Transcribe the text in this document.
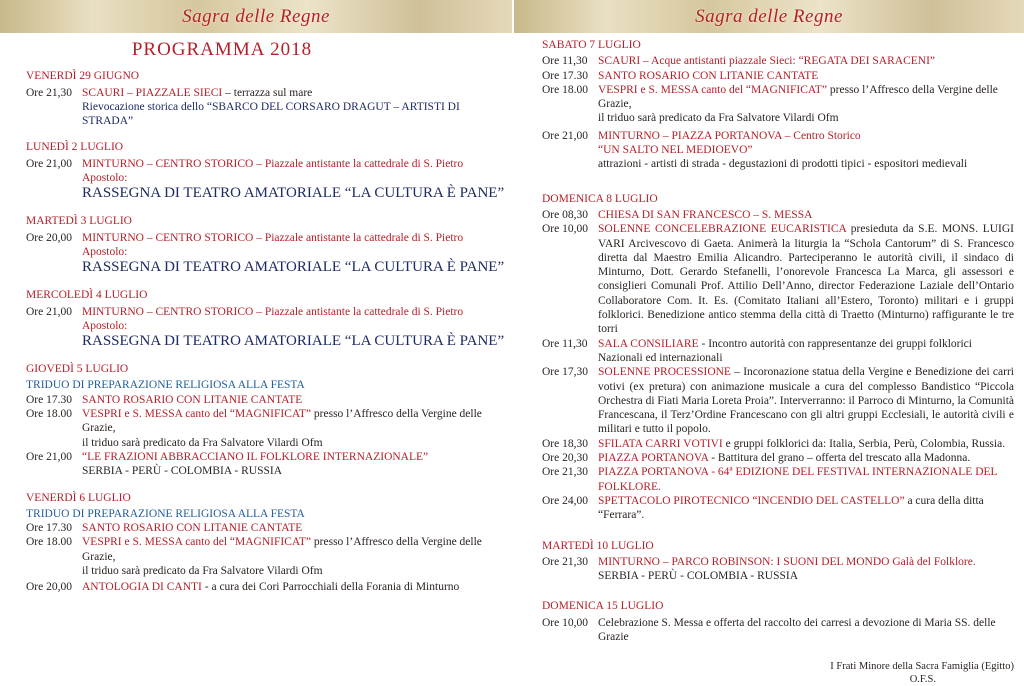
Sagra delle Regne	Sagra delle Regne
PROGRAMMA 2018
VENERDÌ 29 GIUGNO
Ore 21,30 SCAURI – PIAZZALE SIECI – terrazza sul mare
Rievocazione storica dello “SBARCO DEL CORSARO DRAGUT – ARTISTI DI STRADA”
LUNEDÌ 2 LUGLIO
Ore 21,00 MINTURNO – CENTRO STORICO – Piazzale antistante la cattedrale di S. Pietro Apostolo:
RASSEGNA DI TEATRO AMATORIALE “LA CULTURA È PANE”
MARTEDÌ 3 LUGLIO
Ore 20,00 MINTURNO – CENTRO STORICO – Piazzale antistante la cattedrale di S. Pietro Apostolo:
RASSEGNA DI TEATRO AMATORIALE “LA CULTURA È PANE”
MERCOLEDÌ 4 LUGLIO
Ore 21,00 MINTURNO – CENTRO STORICO – Piazzale antistante la cattedrale di S. Pietro Apostolo:
RASSEGNA DI TEATRO AMATORIALE “LA CULTURA È PANE”
GIOVEDÌ 5 LUGLIO
TRIDUO DI PREPARAZIONE RELIGIOSA ALLA FESTA
Ore 17.30 SANTO ROSARIO CON LITANIE CANTATE
Ore 18.00 VESPRI e S. MESSA canto del “MAGNIFICAT” presso l’Affresco della Vergine delle Grazie,
il triduo sarà predicato da Fra Salvatore Vilardi Ofm
Ore 21,00 “LE FRAZIONI ABBRACCIANO IL FOLKLORE INTERNAZIONALE”
SERBIA - PERÙ - COLOMBIA - RUSSIA
VENERDÌ 6 LUGLIO
TRIDUO DI PREPARAZIONE RELIGIOSA ALLA FESTA
Ore 17.30 SANTO ROSARIO CON LITANIE CANTATE
Ore 18.00 VESPRI e S. MESSA canto del “MAGNIFICAT” presso l’Affresco della Vergine delle Grazie,
il triduo sarà predicato da Fra Salvatore Vilardi Ofm
Ore 20,00 ANTOLOGIA DI CANTI - a cura dei Cori Parrocchiali della Forania di Minturno
SABATO 7 LUGLIO
Ore 11,30 SCAURI – Acque antistanti piazzale Sieci: “REGATA DEI SARACENI”
Ore 17.30 SANTO ROSARIO CON LITANIE CANTATE
Ore 18.00 VESPRI e S. MESSA canto del “MAGNIFICAT” presso l’Affresco della Vergine delle Grazie,
il triduo sarà predicato da Fra Salvatore Vilardi Ofm
Ore 21,00 MINTURNO – PIAZZA PORTANOVA – Centro Storico
“UN SALTO NEL MEDIOEVO”
attrazioni - artisti di strada - degustazioni di prodotti tipici - espositori medievali
DOMENICA 8 LUGLIO
Ore 08,30 CHIESA DI SAN FRANCESCO – S. MESSA
Ore 10,00 SOLENNE CONCELEBRAZIONE EUCARISTICA presieduta da S.E. MONS. LUIGI VARI Arcivescovo di Gaeta. Animerà la liturgia la “Schola Cantorum” di S. Francesco diretta dal Maestro Emilia Alicandro. Parteciperanno le autorità civili, il sindaco di Minturno, Dott. Gerardo Stefanelli, l’onorevole Francesca La Marca, gli assessori e consiglieri Comunali Prof. Attilio Dell’Anno, director Federazione Laziale dell’Ontario Collaboratore Com. It. Es. (Comitato Italiani all’Estero, Toronto) militari e i gruppi folklorici. Benedizione antico stemma della città di Traetto (Minturno) raffigurante le tre torri
Ore 11,30 SALA CONSILIARE - Incontro autorità con rappresentanze dei gruppi folklorici Nazionali ed internazionali
Ore 17,30 SOLENNE PROCESSIONE – Incoronazione statua della Vergine e Benedizione dei carri votivi (ex pretura) con animazione musicale a cura del complesso Bandistico “Piccola Orchestra di Fiati Maria Loreta Proia”. Interverranno: il Parroco di Minturno, la Comunità Francescana, il Terz’Ordine Francescano con gli altri gruppi Ecclesiali, le autorità civili e militari e tutto il popolo.
Ore 18,30 SFILATA CARRI VOTIVI e gruppi folklorici da: Italia, Serbia, Perù, Colombia, Russia.
Ore 20,30 PIAZZA PORTANOVA - Battitura del grano – offerta del trescato alla Madonna.
Ore 21,30 PIAZZA PORTANOVA - 64ª EDIZIONE DEL FESTIVAL INTERNAZIONALE DEL FOLKLORE.
Ore 24,00 SPETTACOLO PIROTECNICO “INCENDIO DEL CASTELLO” a cura della ditta “Ferrara”.
MARTEDÌ 10 LUGLIO
Ore 21,30 MINTURNO – PARCO ROBINSON: I SUONI DEL MONDO Galà del Folklore.
SERBIA - PERÙ - COLOMBIA - RUSSIA
DOMENICA 15 LUGLIO
Ore 10,00 Celebrazione S. Messa e offerta del raccolto dei carresi a devozione di Maria SS. delle Grazie
I Frati Minore della Sacra Famiglia (Egitto)
O.F.S.
